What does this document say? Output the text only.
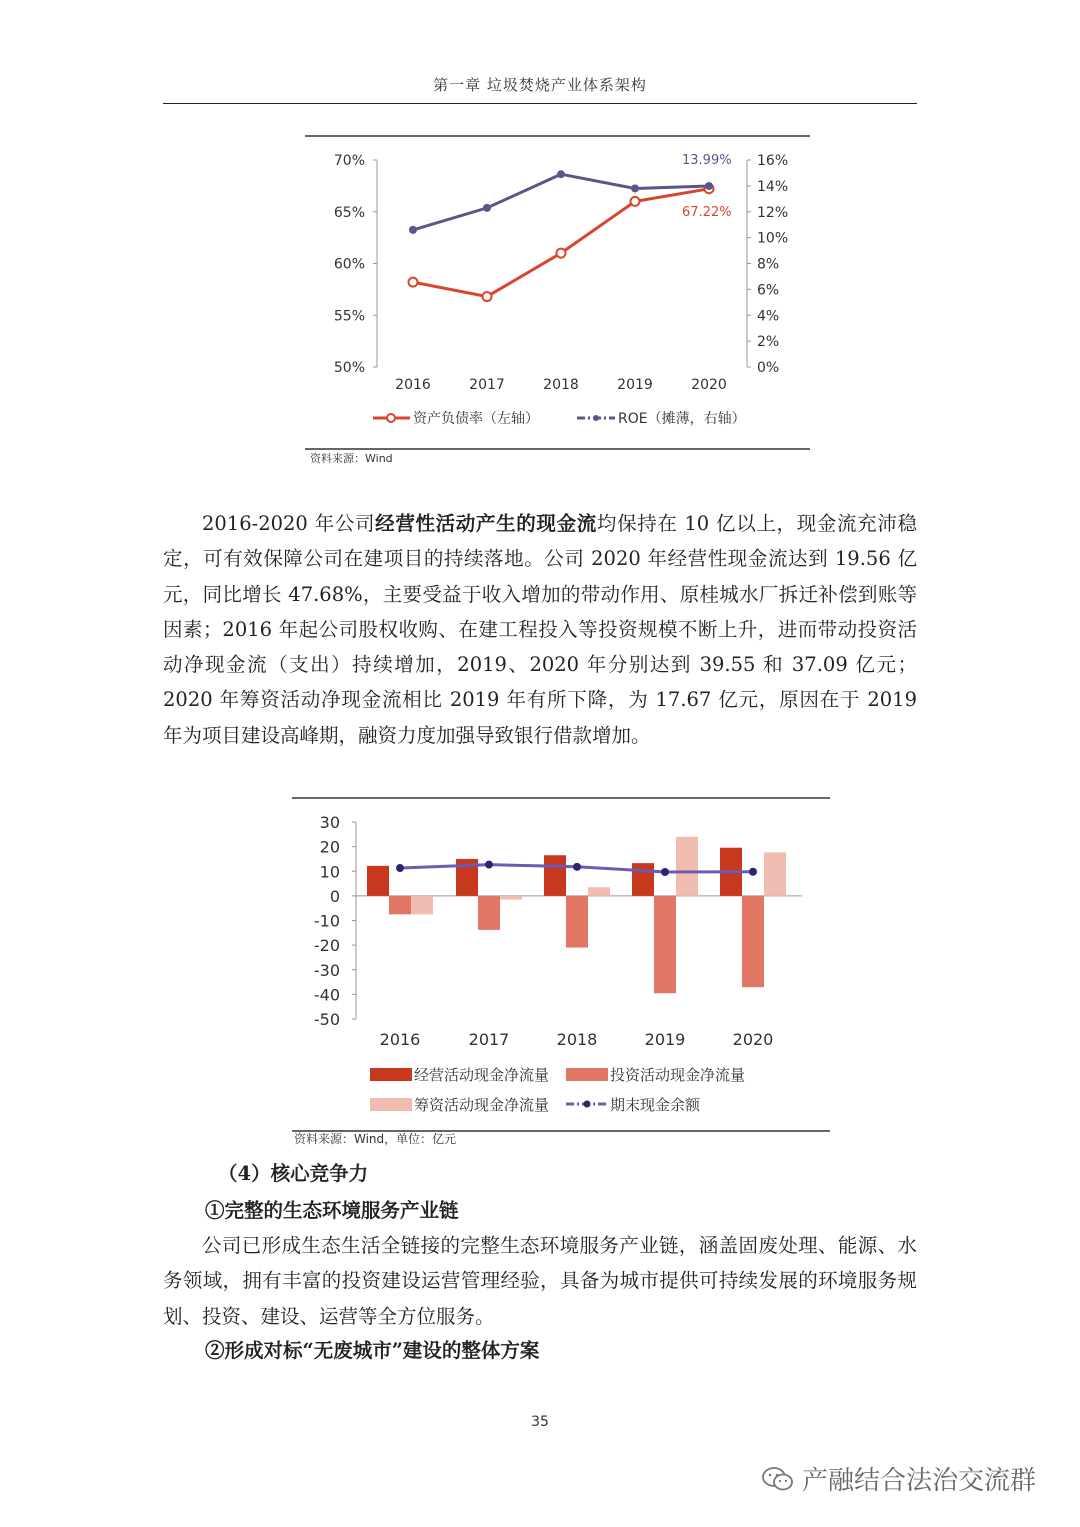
第一章 垃圾焚烧产业体系架构
70%
65%
60%
55%
50%
16%
14%
12%
10%
8%
6%
4%
2%
0%
2016	2017	2018	2019	2020
13.99%
67.22%
资产负债率（左轴）	ROE（摊薄，右轴）
资料来源：Wind

2016-2020 年公司经营性活动产生的现金流均保持在 10 亿以上，现金流充沛稳定，可有效保障公司在建项目的持续落地。公司 2020 年经营性现金流达到 19.56 亿元，同比增长 47.68%，主要受益于收入增加的带动作用、原桂城水厂拆迁补偿到账等因素；2016 年起公司股权收购、在建工程投入等投资规模不断上升，进而带动投资活动净现金流（支出）持续增加，2019、2020 年分别达到 39.55 和 37.09 亿元；2020 年筹资活动净现金流相比 2019 年有所下降，为 17.67 亿元，原因在于 2019 年为项目建设高峰期，融资力度加强导致银行借款增加。

30
20
10
0
-10
-20
-30
-40
-50
2016	2017	2018	2019	2020
经营活动现金净流量	投资活动现金净流量
筹资活动现金净流量	期末现金余额
资料来源：Wind，单位：亿元

（4）核心竞争力

①完整的生态环境服务产业链

公司已形成生态生活全链接的完整生态环境服务产业链，涵盖固废处理、能源、水务领域，拥有丰富的投资建设运营管理经验，具备为城市提供可持续发展的环境服务规划、投资、建设、运营等全方位服务。

②形成对标“无废城市”建设的整体方案

35
产融结合法治交流群
